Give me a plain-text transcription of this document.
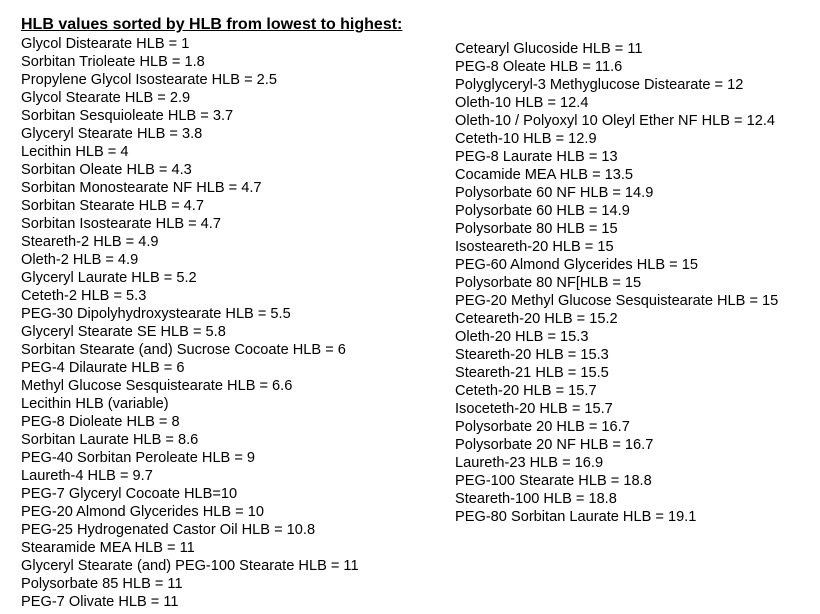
HLB values sorted by HLB from lowest to highest:
Glycol Distearate HLB = 1
Sorbitan Trioleate HLB = 1.8
Propylene Glycol Isostearate HLB = 2.5
Glycol Stearate HLB = 2.9
Sorbitan Sesquioleate HLB = 3.7
Glyceryl Stearate HLB = 3.8
Lecithin HLB = 4
Sorbitan Oleate HLB = 4.3
Sorbitan Monostearate NF HLB = 4.7
Sorbitan Stearate HLB = 4.7
Sorbitan Isostearate HLB = 4.7
Steareth-2 HLB = 4.9
Oleth-2 HLB = 4.9
Glyceryl Laurate HLB = 5.2
Ceteth-2 HLB = 5.3
PEG-30 Dipolyhydroxystearate HLB = 5.5
Glyceryl Stearate SE HLB = 5.8
Sorbitan Stearate (and) Sucrose Cocoate HLB = 6
PEG-4 Dilaurate HLB = 6
Methyl Glucose Sesquistearate HLB = 6.6
Lecithin HLB (variable)
PEG-8 Dioleate HLB = 8
Sorbitan Laurate HLB = 8.6
PEG-40 Sorbitan Peroleate HLB = 9
Laureth-4 HLB = 9.7
PEG-7 Glyceryl Cocoate HLB=10
PEG-20 Almond Glycerides HLB = 10
PEG-25 Hydrogenated Castor Oil HLB = 10.8
Stearamide MEA HLB = 11
Glyceryl Stearate (and) PEG-100 Stearate HLB = 11
Polysorbate 85 HLB = 11
PEG-7 Olivate HLB = 11
Cetearyl Glucoside HLB = 11
PEG-8 Oleate HLB = 11.6
Polyglyceryl-3 Methyglucose Distearate = 12
Oleth-10 HLB = 12.4
Oleth-10 / Polyoxyl 10 Oleyl Ether NF HLB = 12.4
Ceteth-10 HLB = 12.9
PEG-8 Laurate HLB = 13
Cocamide MEA HLB = 13.5
Polysorbate 60 NF HLB = 14.9
Polysorbate 60 HLB = 14.9
Polysorbate 80 HLB = 15
Isosteareth-20 HLB = 15
PEG-60 Almond Glycerides HLB = 15
Polysorbate 80 NF[HLB = 15
PEG-20 Methyl Glucose Sesquistearate HLB = 15
Ceteareth-20 HLB = 15.2
Oleth-20 HLB = 15.3
Steareth-20 HLB = 15.3
Steareth-21 HLB = 15.5
Ceteth-20 HLB = 15.7
Isoceteth-20 HLB = 15.7
Polysorbate 20 HLB = 16.7
Polysorbate 20 NF HLB = 16.7
Laureth-23 HLB = 16.9
PEG-100 Stearate HLB = 18.8
Steareth-100 HLB = 18.8
PEG-80 Sorbitan Laurate HLB = 19.1
